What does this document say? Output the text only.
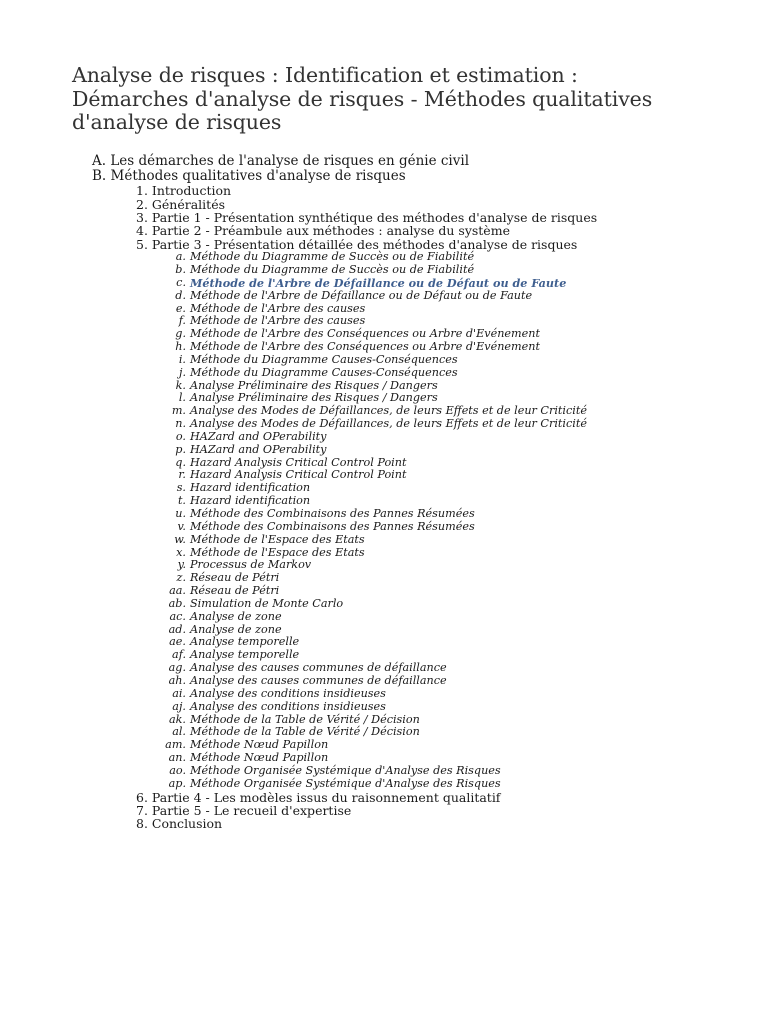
Analyse de risques : Identification et estimation : Démarches d'analyse de risques - Méthodes qualitatives d'analyse de risques
A. Les démarches de l'analyse de risques en génie civil
B. Méthodes qualitatives d'analyse de risques
1. Introduction
2. Généralités
3. Partie 1 - Présentation synthétique des méthodes d'analyse de risques
4. Partie 2 - Préambule aux méthodes : analyse du système
5. Partie 3 - Présentation détaillée des méthodes d'analyse de risques
a. Méthode du Diagramme de Succès ou de Fiabilité
b. Méthode du Diagramme de Succès ou de Fiabilité
c. Méthode de l'Arbre de Défaillance ou de Défaut ou de Faute
d. Méthode de l'Arbre de Défaillance ou de Défaut ou de Faute
e. Méthode de l'Arbre des causes
f. Méthode de l'Arbre des causes
g. Méthode de l'Arbre des Conséquences ou Arbre d'Evénement
h. Méthode de l'Arbre des Conséquences ou Arbre d'Evénement
i. Méthode du Diagramme Causes-Conséquences
j. Méthode du Diagramme Causes-Conséquences
k. Analyse Préliminaire des Risques / Dangers
l. Analyse Préliminaire des Risques / Dangers
m. Analyse des Modes de Défaillances, de leurs Effets et de leur Criticité
n. Analyse des Modes de Défaillances, de leurs Effets et de leur Criticité
o. HAZard and OPerability
p. HAZard and OPerability
q. Hazard Analysis Critical Control Point
r. Hazard Analysis Critical Control Point
s. Hazard identification
t. Hazard identification
u. Méthode des Combinaisons des Pannes Résumées
v. Méthode des Combinaisons des Pannes Résumées
w. Méthode de l'Espace des Etats
x. Méthode de l'Espace des Etats
y. Processus de Markov
z. Réseau de Pétri
aa. Réseau de Pétri
ab. Simulation de Monte Carlo
ac. Analyse de zone
ad. Analyse de zone
ae. Analyse temporelle
af. Analyse temporelle
ag. Analyse des causes communes de défaillance
ah. Analyse des causes communes de défaillance
ai. Analyse des conditions insidieuses
aj. Analyse des conditions insidieuses
ak. Méthode de la Table de Vérité / Décision
al. Méthode de la Table de Vérité / Décision
am. Méthode Nœud Papillon
an. Méthode Nœud Papillon
ao. Méthode Organisée Systémique d'Analyse des Risques
ap. Méthode Organisée Systémique d'Analyse des Risques
6. Partie 4 - Les modèles issus du raisonnement qualitatif
7. Partie 5 - Le recueil d'expertise
8. Conclusion
